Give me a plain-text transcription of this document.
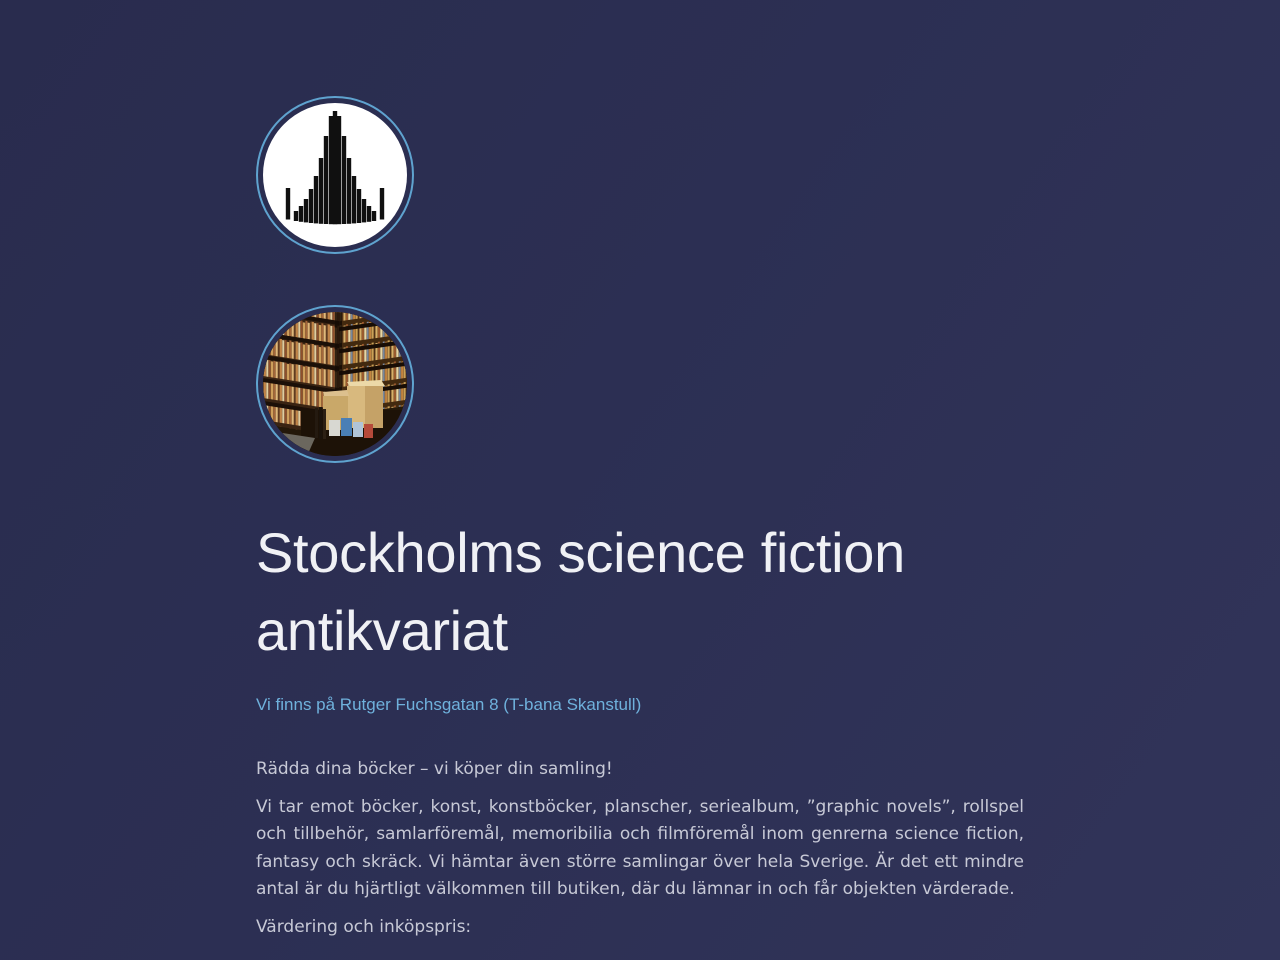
Stockholms science fiction antikvariat
Vi finns på Rutger Fuchsgatan 8 (T-bana Skanstull)

Rädda dina böcker – vi köper din samling!

Vi tar emot böcker, konst, konstböcker, planscher, seriealbum, ”graphic novels”, rollspel och tillbehör, samlarföremål, memoribilia och filmföremål inom genrerna science fiction, fantasy och skräck. Vi hämtar även större samlingar över hela Sverige. Är det ett mindre antal är du hjärtligt välkommen till butiken, där du lämnar in och får objekten värderade.

Värdering och inköpspris:
